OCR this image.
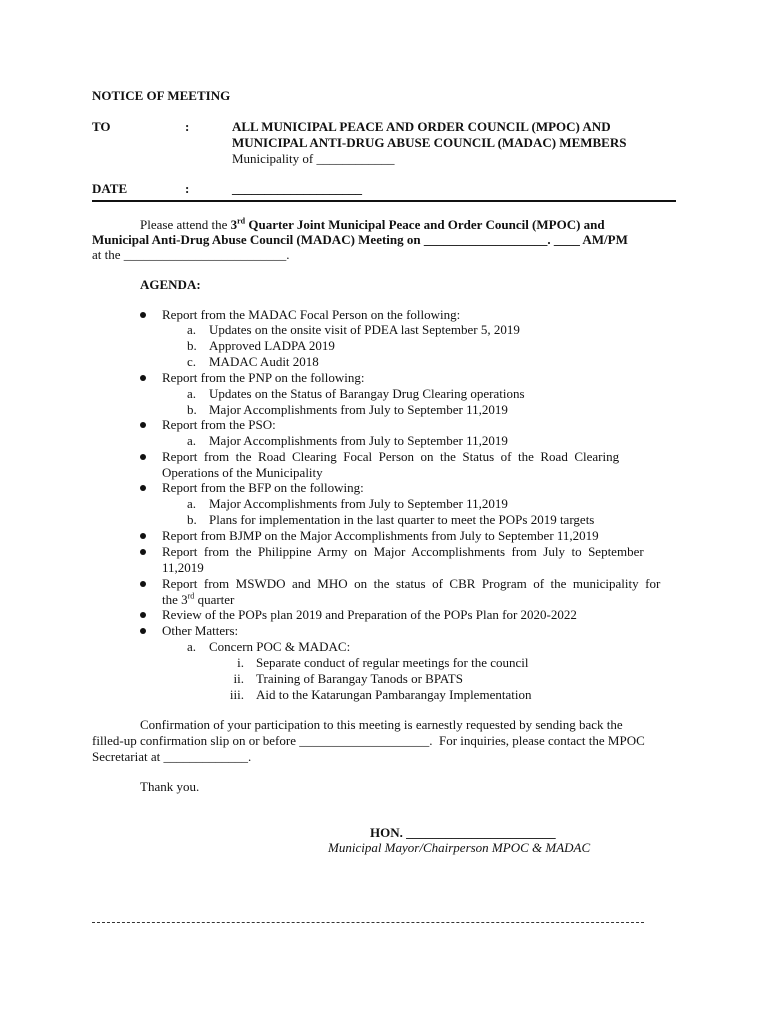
NOTICE OF MEETING
TO	:	ALL MUNICIPAL PEACE AND ORDER COUNCIL (MPOC) AND
MUNICIPAL ANTI-DRUG ABUSE COUNCIL (MADAC) MEMBERS
Municipality of ____________
DATE	:	____________________
Please attend the 3rd Quarter Joint Municipal Peace and Order Council (MPOC) and
Municipal Anti-Drug Abuse Council (MADAC) Meeting on ___________________. ____ AM/PM
at the _________________________.
AGENDA:
Report from the MADAC Focal Person on the following:
a. Updates on the onsite visit of PDEA last September 5, 2019
b. Approved LADPA 2019
c. MADAC Audit 2018
Report from the PNP on the following:
a. Updates on the Status of Barangay Drug Clearing operations
b. Major Accomplishments from July to September 11,2019
Report from the PSO:
a. Major Accomplishments from July to September 11,2019
Report  from  the  Road  Clearing  Focal  Person  on  the  Status  of  the  Road  Clearing
Operations of the Municipality
Report from the BFP on the following:
a. Major Accomplishments from July to September 11,2019
b. Plans for implementation in the last quarter to meet the POPs 2019 targets
Report from BJMP on the Major Accomplishments from July to September 11,2019
Report  from  the  Philippine  Army  on  Major  Accomplishments  from  July  to  September
11,2019
Report  from  MSWDO  and  MHO  on  the  status  of  CBR  Program  of  the  municipality  for
the 3rd quarter
Review of the POPs plan 2019 and Preparation of the POPs Plan for 2020-2022
Other Matters:
a. Concern POC & MADAC:
i. Separate conduct of regular meetings for the council
ii. Training of Barangay Tanods or BPATS
iii. Aid to the Katarungan Pambarangay Implementation
Confirmation of your participation to this meeting is earnestly requested by sending back the
filled-up confirmation slip on or before ____________________.  For inquiries, please contact the MPOC
Secretariat at _____________.
Thank you.
HON. _______________________
Municipal Mayor/Chairperson MPOC & MADAC
